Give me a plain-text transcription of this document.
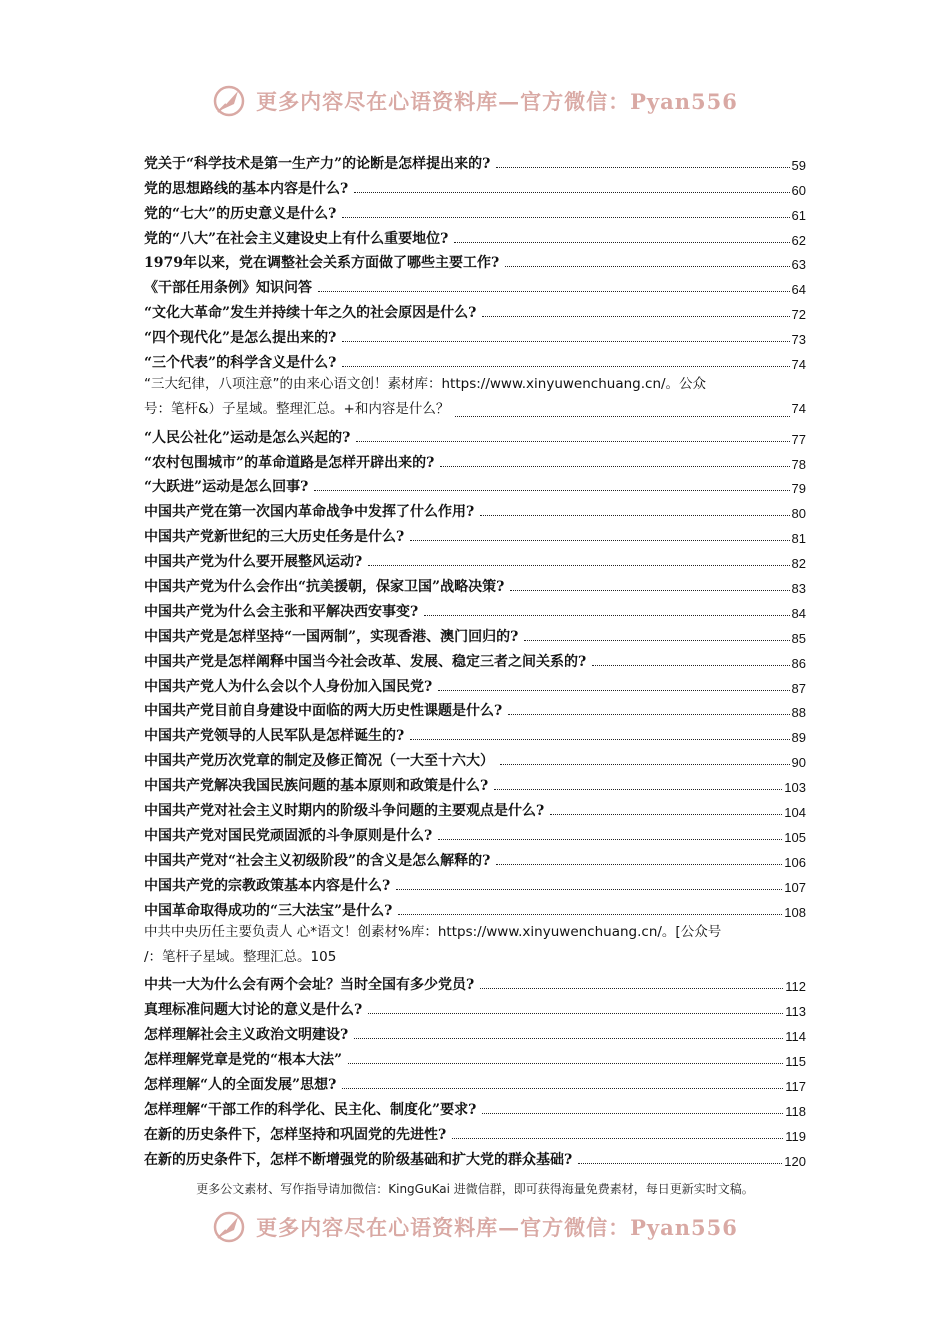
更多内容尽在心语资料库—官方微信：Pyan556
党关于“科学技术是第一生产力”的论断是怎样提出来的?	59
党的思想路线的基本内容是什么?	60
党的“七大”的历史意义是什么?	61
党的“八大”在社会主义建设史上有什么重要地位?	62
1979年以来，党在调整社会关系方面做了哪些主要工作?	63
《干部任用条例》知识问答	64
“文化大革命”发生并持续十年之久的社会原因是什么?	72
“四个现代化”是怎么提出来的?	73
“三个代表”的科学含义是什么?	74
“三大纪律，八项注意”的由来心语文创！素材库：https://www.xinyuwenchuang.cn/。公众
号：笔杆&）子星域。整理汇总。+和内容是什么？	74
“人民公社化”运动是怎么兴起的?	77
“农村包围城市”的革命道路是怎样开辟出来的?	78
“大跃进”运动是怎么回事?	79
中国共产党在第一次国内革命战争中发挥了什么作用?	80
中国共产党新世纪的三大历史任务是什么?	81
中国共产党为什么要开展整风运动?	82
中国共产党为什么会作出“抗美援朝，保家卫国”战略决策?	83
中国共产党为什么会主张和平解决西安事变?	84
中国共产党是怎样坚持“一国两制”，实现香港、澳门回归的?	85
中国共产党是怎样阐释中国当今社会改革、发展、稳定三者之间关系的?	86
中国共产党人为什么会以个人身份加入国民党?	87
中国共产党目前自身建设中面临的两大历史性课题是什么?	88
中国共产党领导的人民军队是怎样诞生的?	89
中国共产党历次党章的制定及修正简况（一大至十六大）	90
中国共产党解决我国民族问题的基本原则和政策是什么?	103
中国共产党对社会主义时期内的阶级斗争问题的主要观点是什么?	104
中国共产党对国民党顽固派的斗争原则是什么?	105
中国共产党对“社会主义初级阶段”的含义是怎么解释的?	106
中国共产党的宗教政策基本内容是什么?	107
中国革命取得成功的“三大法宝”是什么?	108
中共中央历任主要负责人 心*语文！创素材%库：https://www.xinyuwenchuang.cn/。[公众号
/：笔杆子星域。整理汇总。105
中共一大为什么会有两个会址？当时全国有多少党员?	112
真理标准问题大讨论的意义是什么?	113
怎样理解社会主义政治文明建设?	114
怎样理解党章是党的“根本大法”	115
怎样理解“人的全面发展”思想?	117
怎样理解“干部工作的科学化、民主化、制度化”要求?	118
在新的历史条件下，怎样坚持和巩固党的先进性?	119
在新的历史条件下，怎样不断增强党的阶级基础和扩大党的群众基础?	120
更多公文素材、写作指导请加微信：KingGuKai 进微信群，即可获得海量免费素材，每日更新实时文稿。
更多内容尽在心语资料库—官方微信：Pyan556
